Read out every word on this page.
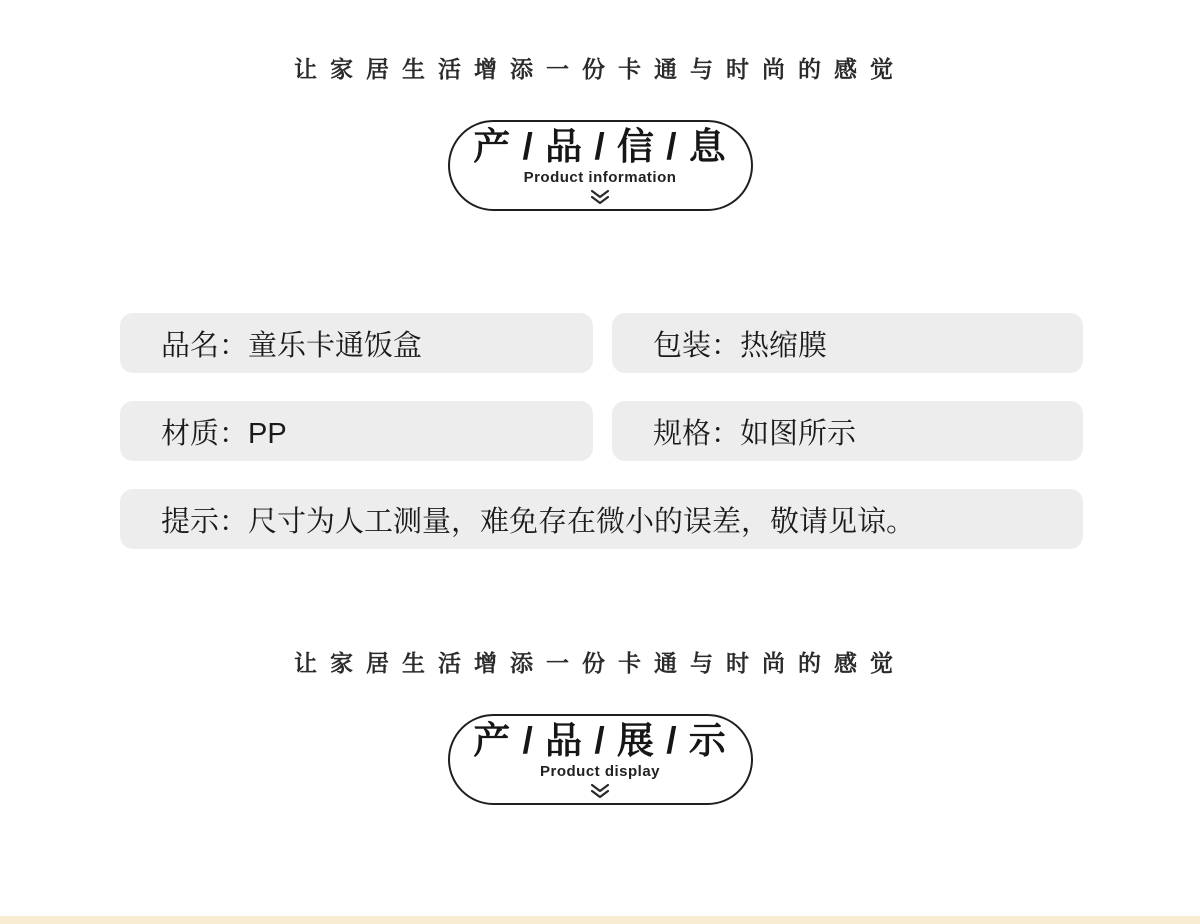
让家居生活增添一份卡通与时尚的感觉
产 / 品 / 信 / 息
Product information
品名：童乐卡通饭盒	包装：热缩膜
材质：PP	规格：如图所示
提示：尺寸为人工测量，难免存在微小的误差，敬请见谅。
让家居生活增添一份卡通与时尚的感觉
产 / 品 / 展 / 示
Product display
